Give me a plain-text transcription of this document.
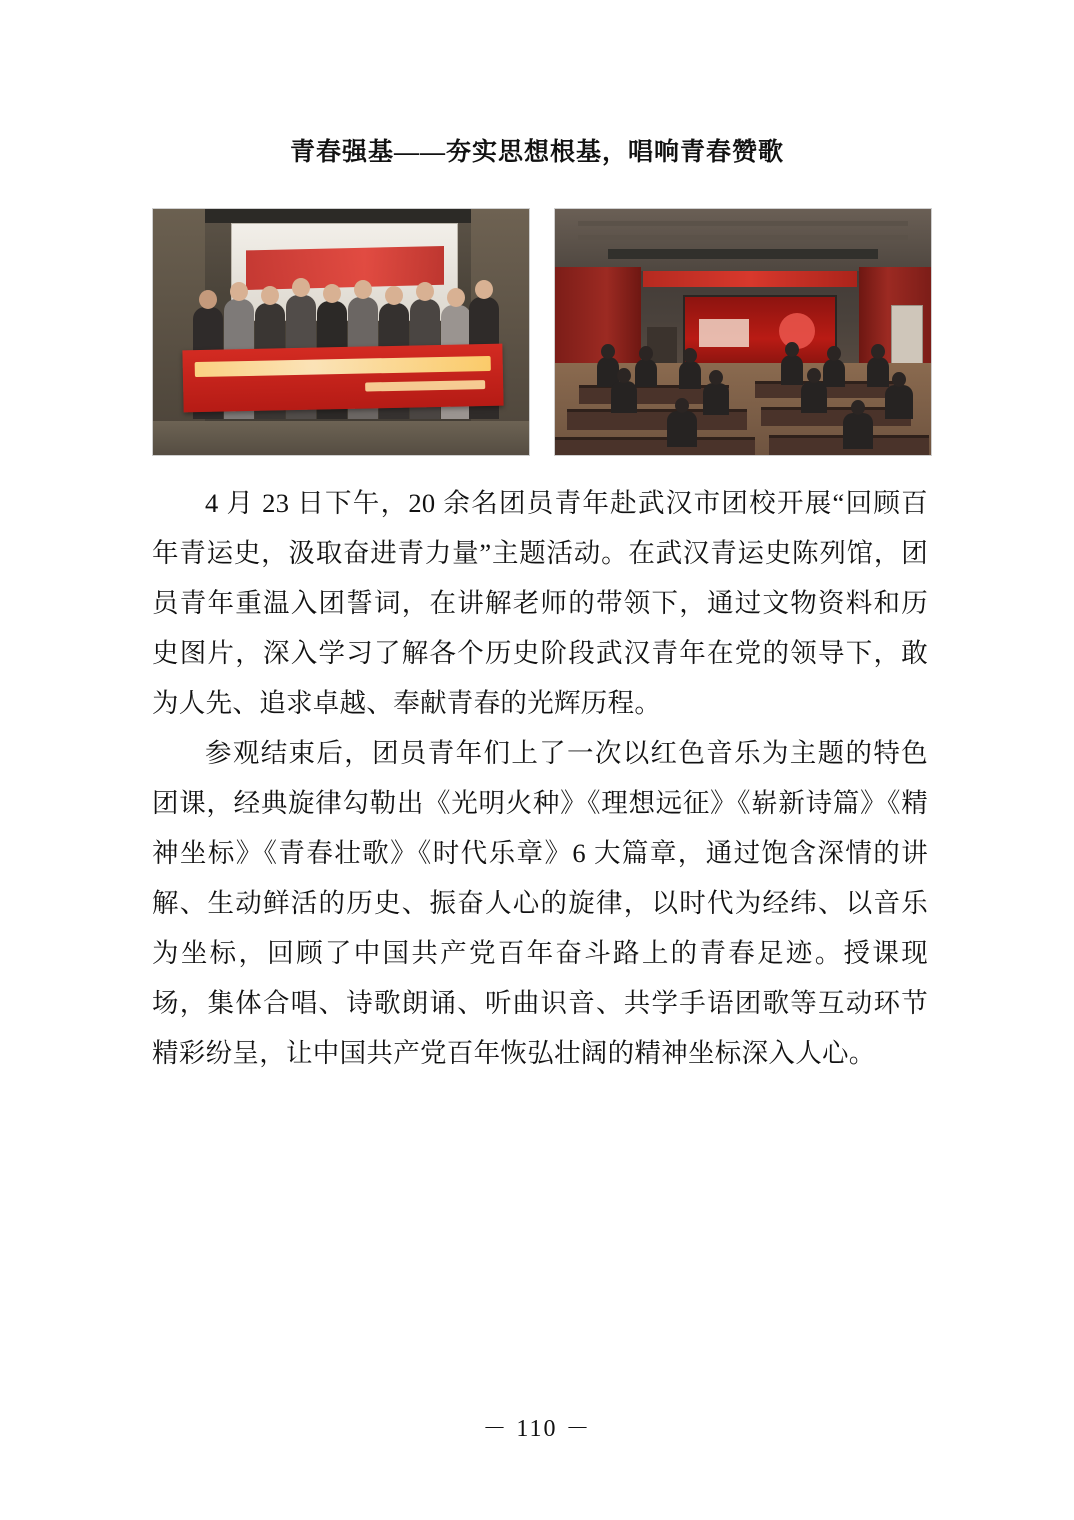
青春强基——夯实思想根基，唱响青春赞歌

4 月 23 日下午，20 余名团员青年赴武汉市团校开展“回顾百年青运史，汲取奋进青力量”主题活动。在武汉青运史陈列馆，团员青年重温入团誓词，在讲解老师的带领下，通过文物资料和历史图片，深入学习了解各个历史阶段武汉青年在党的领导下，敢为人先、追求卓越、奉献青春的光辉历程。

参观结束后，团员青年们上了一次以红色音乐为主题的特色团课，经典旋律勾勒出《光明火种》《理想远征》《崭新诗篇》《精神坐标》《青春壮歌》《时代乐章》6 大篇章，通过饱含深情的讲解、生动鲜活的历史、振奋人心的旋律，以时代为经纬、以音乐为坐标，回顾了中国共产党百年奋斗路上的青春足迹。授课现场，集体合唱、诗歌朗诵、听曲识音、共学手语团歌等互动环节精彩纷呈，让中国共产党百年恢弘壮阔的精神坐标深入人心。

－ 110 －
